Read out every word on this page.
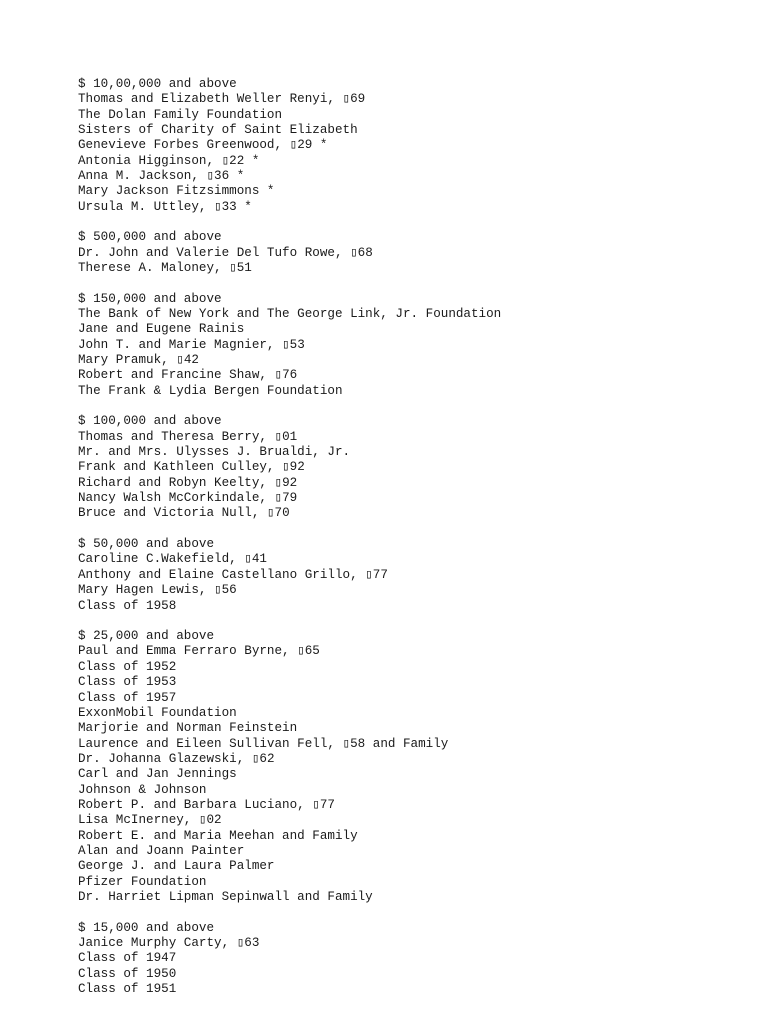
$ 10,00,000 and above
Thomas and Elizabeth Weller Renyi, ▯69
The Dolan Family Foundation
Sisters of Charity of Saint Elizabeth
Genevieve Forbes Greenwood, ▯29 *
Antonia Higginson, ▯22 *
Anna M. Jackson, ▯36 *
Mary Jackson Fitzsimmons *
Ursula M. Uttley, ▯33 *
$ 500,000 and above
Dr. John and Valerie Del Tufo Rowe, ▯68
Therese A. Maloney, ▯51
$ 150,000 and above
The Bank of New York and The George Link, Jr. Foundation
Jane and Eugene Rainis
John T. and Marie Magnier, ▯53
Mary Pramuk, ▯42
Robert and Francine Shaw, ▯76
The Frank & Lydia Bergen Foundation
$ 100,000 and above
Thomas and Theresa Berry, ▯01
Mr. and Mrs. Ulysses J. Brualdi, Jr.
Frank and Kathleen Culley, ▯92
Richard and Robyn Keelty, ▯92
Nancy Walsh McCorkindale, ▯79
Bruce and Victoria Null, ▯70
$ 50,000 and above
Caroline C.Wakefield, ▯41
Anthony and Elaine Castellano Grillo, ▯77
Mary Hagen Lewis, ▯56
Class of 1958
$ 25,000 and above
Paul and Emma Ferraro Byrne, ▯65
Class of 1952
Class of 1953
Class of 1957
ExxonMobil Foundation
Marjorie and Norman Feinstein
Laurence and Eileen Sullivan Fell, ▯58 and Family
Dr. Johanna Glazewski, ▯62
Carl and Jan Jennings
Johnson & Johnson
Robert P. and Barbara Luciano, ▯77
Lisa McInerney, ▯02
Robert E. and Maria Meehan and Family
Alan and Joann Painter
George J. and Laura Palmer
Pfizer Foundation
Dr. Harriet Lipman Sepinwall and Family
$ 15,000 and above
Janice Murphy Carty, ▯63
Class of 1947
Class of 1950
Class of 1951
